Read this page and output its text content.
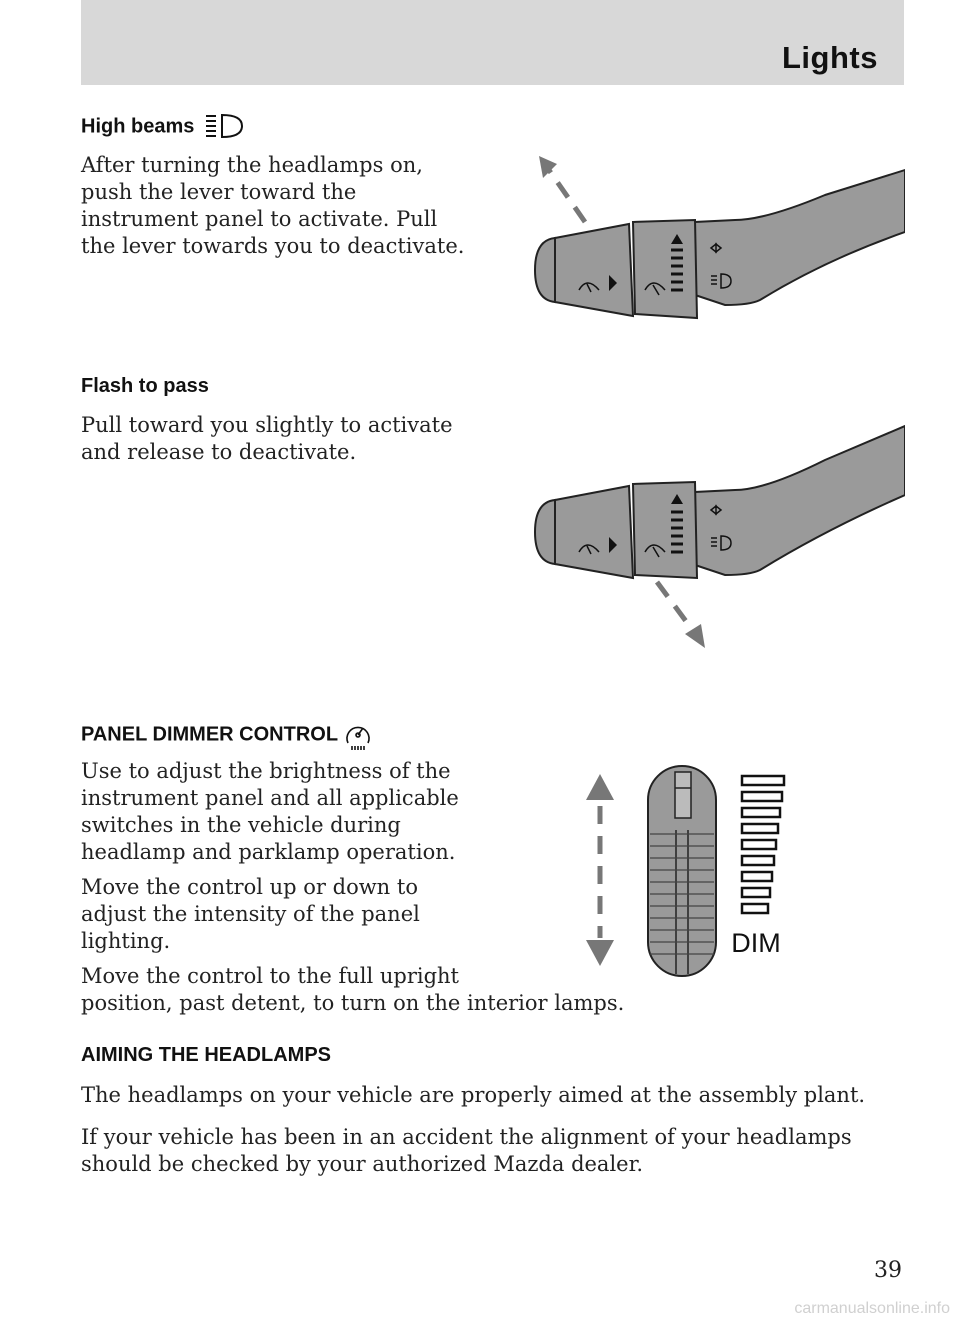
Lights
High beams

After turning the headlamps on,
push the lever toward the
instrument panel to activate. Pull
the lever towards you to deactivate.

Flash to pass

Pull toward you slightly to activate
and release to deactivate.

PANEL DIMMER CONTROL

Use to adjust the brightness of the
instrument panel and all applicable
switches in the vehicle during
headlamp and parklamp operation.

Move the control up or down to
adjust the intensity of the panel
lighting.

Move the control to the full upright
position, past detent, to turn on the interior lamps.

DIM
AIMING THE HEADLAMPS

The headlamps on your vehicle are properly aimed at the assembly plant.

If your vehicle has been in an accident the alignment of your headlamps
should be checked by your authorized Mazda dealer.

39
carmanualsonline.info
